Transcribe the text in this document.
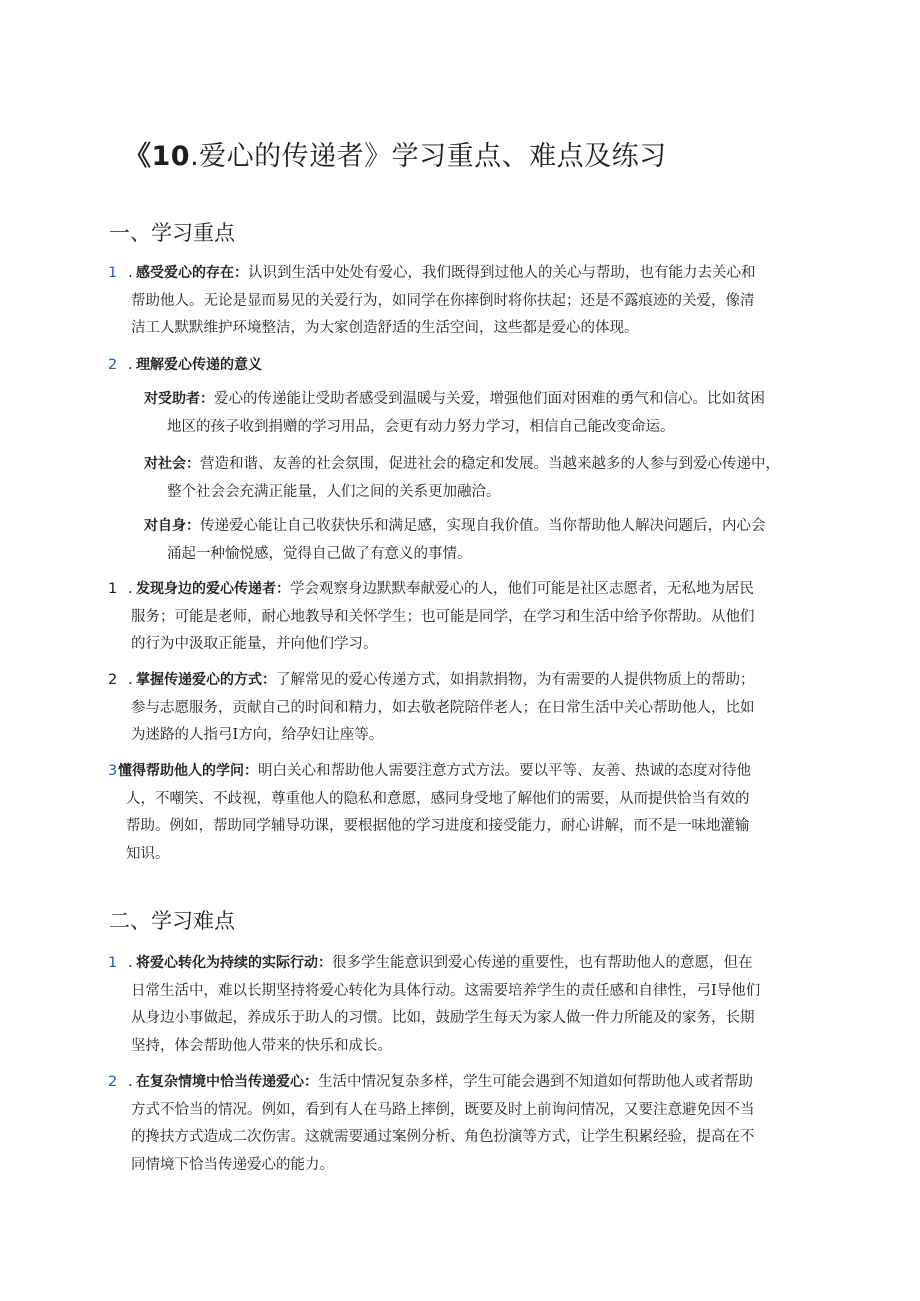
《10.爱心的传递者》学习重点、难点及练习
一、学习重点
1 . 感受爱心的存在：认识到生活中处处有爱心，我们既得到过他人的关心与帮助，也有能力去关心和
帮助他人。无论是显而易见的关爱行为，如同学在你摔倒时将你扶起；还是不露痕迹的关爱，像清
洁工人默默维护环境整洁，为大家创造舒适的生活空间，这些都是爱心的体现。
2 . 理解爱心传递的意义
对受助者：爱心的传递能让受助者感受到温暖与关爱，增强他们面对困难的勇气和信心。比如贫困
地区的孩子收到捐赠的学习用品，会更有动力努力学习，相信自己能改变命运。
对社会：营造和谐、友善的社会氛围，促进社会的稳定和发展。当越来越多的人参与到爱心传递中，
整个社会会充满正能量，人们之间的关系更加融洽。
对自身：传递爱心能让自己收获快乐和满足感，实现自我价值。当你帮助他人解决问题后，内心会
涌起一种愉悦感，觉得自己做了有意义的事情。
1 . 发现身边的爱心传递者：学会观察身边默默奉献爱心的人，他们可能是社区志愿者，无私地为居民
服务；可能是老师，耐心地教导和关怀学生；也可能是同学，在学习和生活中给予你帮助。从他们
的行为中汲取正能量，并向他们学习。
2 . 掌握传递爱心的方式：了解常见的爱心传递方式，如捐款捐物，为有需要的人提供物质上的帮助；
参与志愿服务，贡献自己的时间和精力，如去敬老院陪伴老人；在日常生活中关心帮助他人，比如
为迷路的人指弓I方向，给孕妇让座等。
3懂得帮助他人的学问：明白关心和帮助他人需要注意方式方法。要以平等、友善、热诚的态度对待他
人，不嘲笑、不歧视，尊重他人的隐私和意愿，感同身受地了解他们的需要，从而提供恰当有效的
帮助。例如，帮助同学辅导功课，要根据他的学习进度和接受能力，耐心讲解，而不是一味地灌输
知识。
二、学习难点
1 . 将爱心转化为持续的实际行动：很多学生能意识到爱心传递的重要性，也有帮助他人的意愿，但在
日常生活中，难以长期坚持将爱心转化为具体行动。这需要培养学生的责任感和自律性，弓I导他们
从身边小事做起，养成乐于助人的习惯。比如，鼓励学生每天为家人做一件力所能及的家务，长期
坚持，体会帮助他人带来的快乐和成长。
2 . 在复杂情境中恰当传递爱心：生活中情况复杂多样，学生可能会遇到不知道如何帮助他人或者帮助
方式不恰当的情况。例如，看到有人在马路上摔倒，既要及时上前询问情况，又要注意避免因不当
的搀扶方式造成二次伤害。这就需要通过案例分析、角色扮演等方式，让学生积累经验，提高在不
同情境下恰当传递爱心的能力。
